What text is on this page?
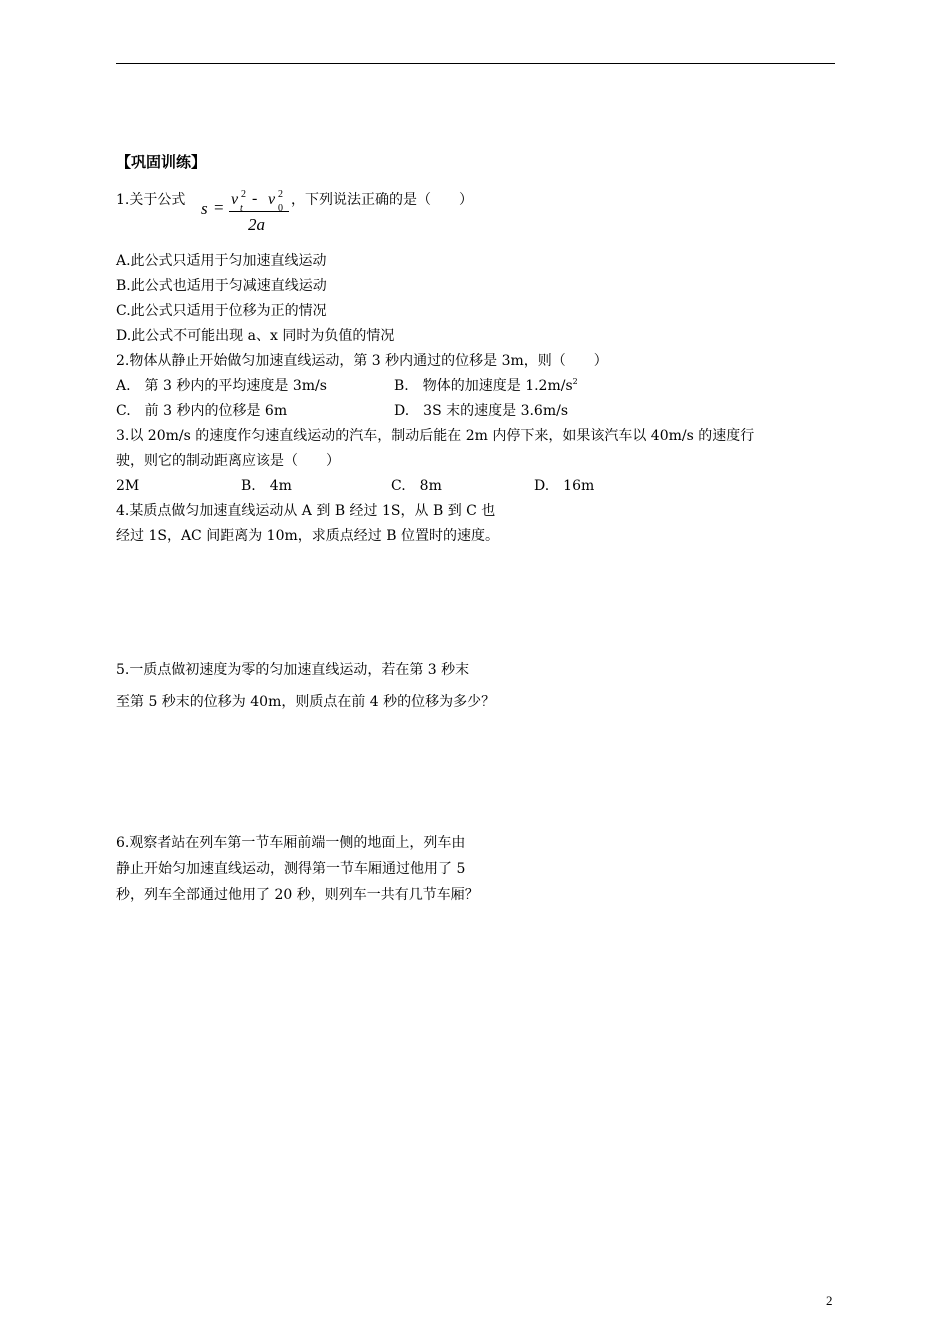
【巩固训练】
1.关于公式 s = v 2
t
- v 2
0
2a
，下列说法正确的是（　　）
A.此公式只适用于匀加速直线运动
B.此公式也适用于匀减速直线运动
C.此公式只适用于位移为正的情况
D.此公式不可能出现 a、x 同时为负值的情况
2.物体从静止开始做匀加速直线运动，第 3 秒内通过的位移是 3m，则（　　）
A.　第 3 秒内的平均速度是 3m/s	B.　物体的加速度是 $1.2m/s^2$
C.　前 3 秒内的位移是 6m	D.　3S 末的速度是 3.6m/s
3.以 20m/s 的速度作匀速直线运动的汽车，制动后能在 2m 内停下来，如果该汽车以 40m/s 的速度行
驶，则它的制动距离应该是（　　）
2M	B.　4m	C.　8m	D.　16m
4.某质点做匀加速直线运动从 A 到 B 经过 1S，从 B 到 C 也
经过 1S，AC 间距离为 10m，求质点经过 B 位置时的速度。
5.一质点做初速度为零的匀加速直线运动，若在第 3 秒末
至第 5 秒末的位移为 40m，则质点在前 4 秒的位移为多少？
6.观察者站在列车第一节车厢前端一侧的地面上，列车由
静止开始匀加速直线运动，测得第一节车厢通过他用了 5
秒，列车全部通过他用了 20 秒，则列车一共有几节车厢？
2
